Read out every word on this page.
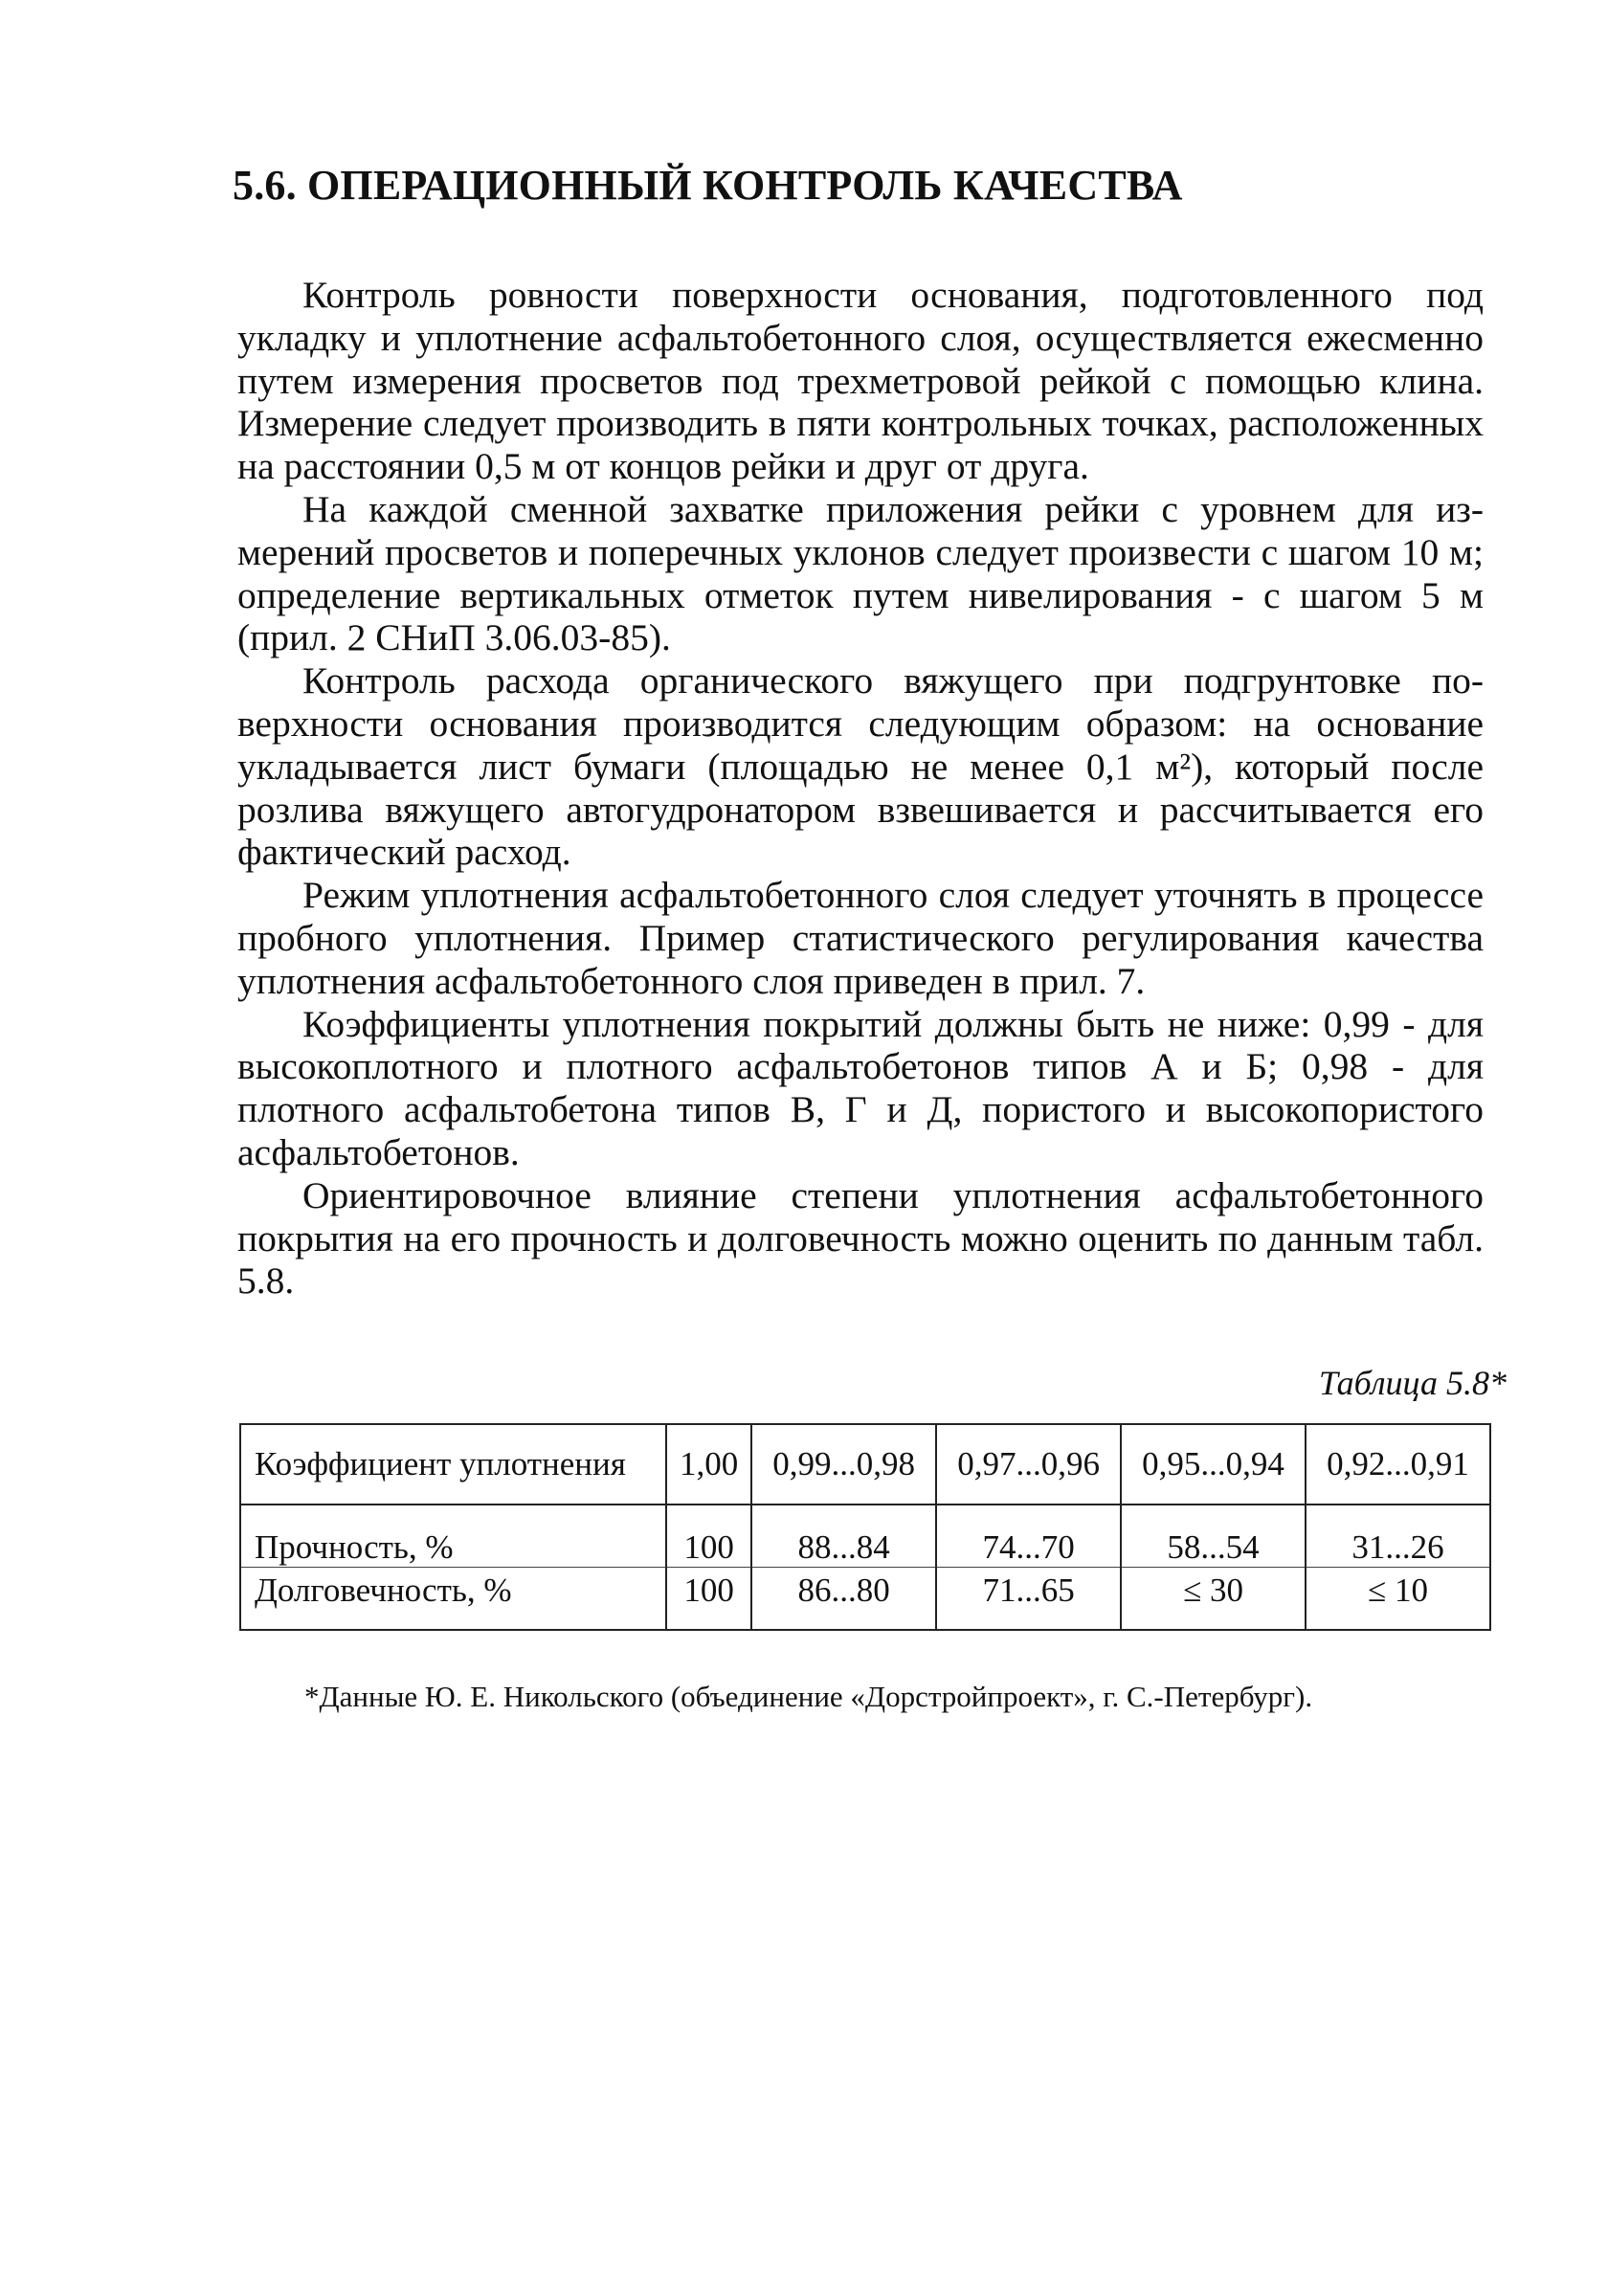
5.6. ОПЕРАЦИОННЫЙ КОНТРОЛЬ КАЧЕСТВА

Контроль ровности поверхности основания, подготовленного под укладку и уплотнение асфальтобетонного слоя, осуществляется ежесменно путем измерения просветов под трехметровой рейкой с помощью клина. Измерение следует производить в пяти контрольных точках, расположенных на расстоянии 0,5 м от концов рейки и друг от друга.

На каждой сменной захватке приложения рейки с уровнем для измерений просветов и поперечных уклонов следует произвести с шагом 10 м; определение вертикальных отметок путем нивелирования - с шагом 5 м (прил. 2 СНиП 3.06.03-85).

Контроль расхода органического вяжущего при подгрунтовке поверхности основания производится следующим образом: на основание укладывается лист бумаги (площадью не менее 0,1 м²), который после розлива вяжущего автогудронатором взвешивается и рассчитывается его фактический расход.

Режим уплотнения асфальтобетонного слоя следует уточнять в процессе пробного уплотнения. Пример статистического регулирования качества уплотнения асфальтобетонного слоя приведен в прил. 7.

Коэффициенты уплотнения покрытий должны быть не ниже: 0,99 - для высокоплотного и плотного асфальтобетонов типов А и Б; 0,98 - для плотного асфальтобетона типов В, Г и Д, пористого и высокопористого асфальтобетонов.

Ориентировочное влияние степени уплотнения асфальтобетонного покрытия на его прочность и долговечность можно оценить по данным табл. 5.8.

Таблица 5.8*
Коэффициент уплотнения	1,00	0,99...0,98	0,97...0,96	0,95...0,94	0,92...0,91
Прочность, %	100	88...84	74...70	58...54	31...26
Долговечность, %	100	86...80	71...65	≤ 30	≤ 10
*Данные Ю. Е. Никольского (объединение «Дорстройпроект», г. С.-Петербург).
